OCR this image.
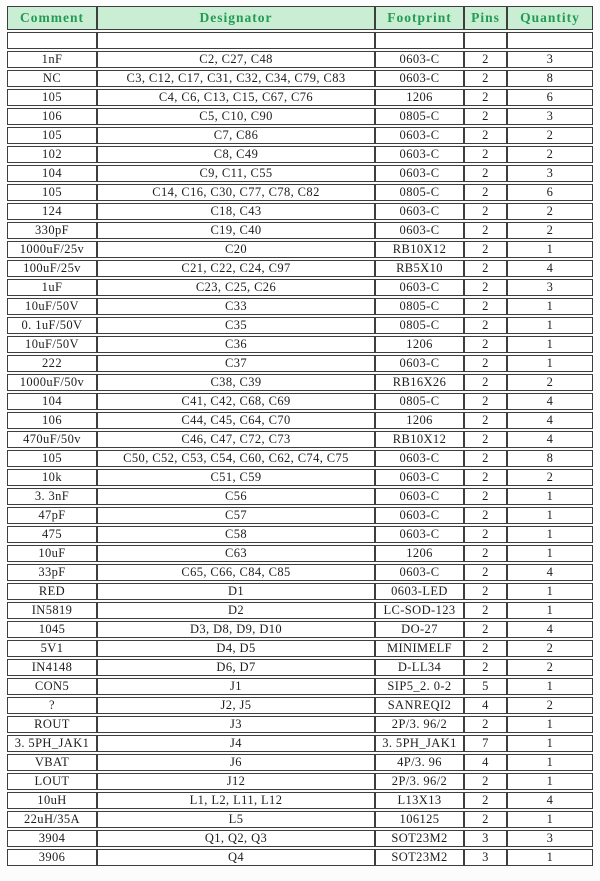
Comment	Designator	Footprint	Pins	Quantity

1nF	C2, C27, C48	0603-C	2	3
NC	C3, C12, C17, C31, C32, C34, C79, C83	0603-C	2	8
105	C4, C6, C13, C15, C67, C76	1206	2	6
106	C5, C10, C90	0805-C	2	3
105	C7, C86	0603-C	2	2
102	C8, C49	0603-C	2	2
104	C9, C11, C55	0603-C	2	3
105	C14, C16, C30, C77, C78, C82	0805-C	2	6
124	C18, C43	0603-C	2	2
330pF	C19, C40	0603-C	2	2
1000uF/25v	C20	RB10X12	2	1
100uF/25v	C21, C22, C24, C97	RB5X10	2	4
1uF	C23, C25, C26	0603-C	2	3
10uF/50V	C33	0805-C	2	1
0. 1uF/50V	C35	0805-C	2	1
10uF/50V	C36	1206	2	1
222	C37	0603-C	2	1
1000uF/50v	C38, C39	RB16X26	2	2
104	C41, C42, C68, C69	0805-C	2	4
106	C44, C45, C64, C70	1206	2	4
470uF/50v	C46, C47, C72, C73	RB10X12	2	4
105	C50, C52, C53, C54, C60, C62, C74, C75	0603-C	2	8
10k	C51, C59	0603-C	2	2
3. 3nF	C56	0603-C	2	1
47pF	C57	0603-C	2	1
475	C58	0603-C	2	1
10uF	C63	1206	2	1
33pF	C65, C66, C84, C85	0603-C	2	4
RED	D1	0603-LED	2	1
IN5819	D2	LC-SOD-123	2	1
1045	D3, D8, D9, D10	DO-27	2	4
5V1	D4, D5	MINIMELF	2	2
IN4148	D6, D7	D-LL34	2	2
CON5	J1	SIP5_2. 0-2	5	1
?	J2, J5	SANREQI2	4	2
ROUT	J3	2P/3. 96/2	2	1
3. 5PH_JAK1	J4	3. 5PH_JAK1	7	1
VBAT	J6	4P/3. 96	4	1
LOUT	J12	2P/3. 96/2	2	1
10uH	L1, L2, L11, L12	L13X13	2	4
22uH/35A	L5	106125	2	1
3904	Q1, Q2, Q3	SOT23M2	3	3
3906	Q4	SOT23M2	3	1
